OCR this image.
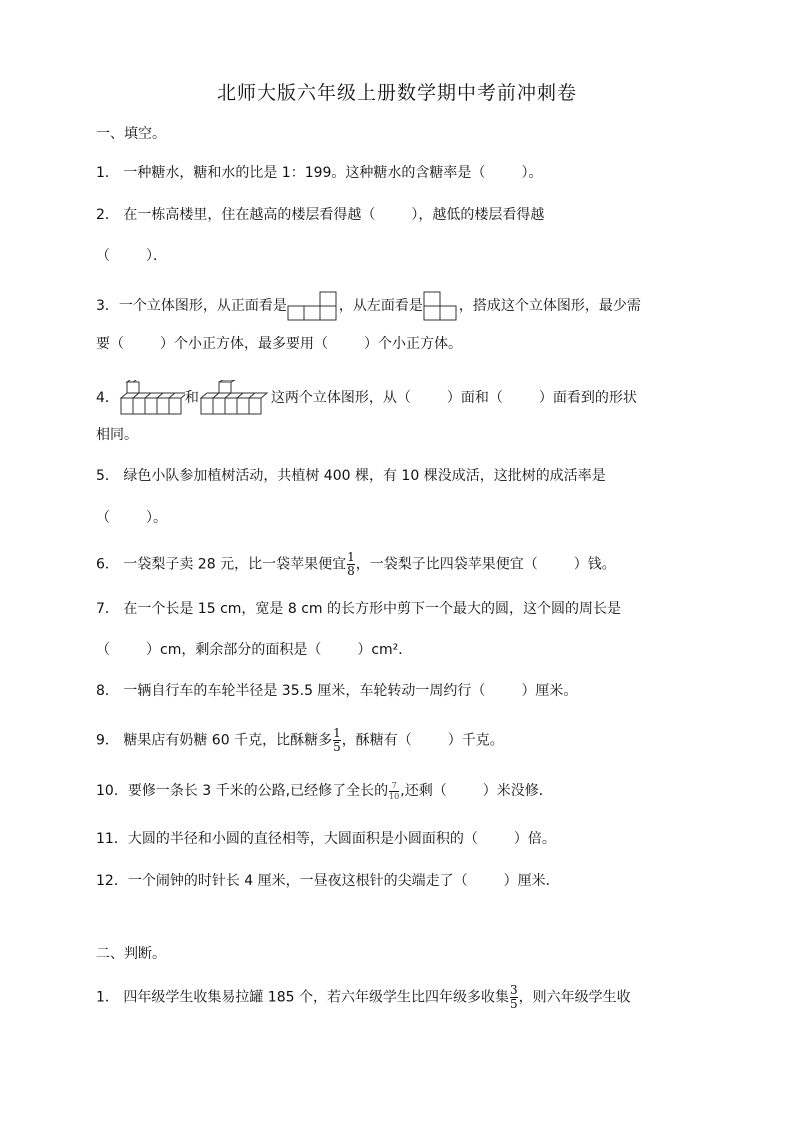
北师大版六年级上册数学期中考前冲刺卷
一、填空。
1． 一种糖水，糖和水的比是 1：199。这种糖水的含糖率是（	）。
2． 在一栋高楼里，住在越高的楼层看得越（	），越低的楼层看得越
（	）．
3．一个立体图形，从正面看是	，从左面看是	，搭成这个立体图形，最少需
要（	）个小正方体，最多要用（	）个小正方体。
4．	和	这两个立体图形，从（	）面和（	）面看到的形状
相同。
5． 绿色小队参加植树活动，共植树 400 棵，有 10 棵没成活，这批树的成活率是
（	）。
6． 一袋梨子卖 28 元，比一袋苹果便宜 $\frac{1}{8}$ ，一袋梨子比四袋苹果便宜（	）钱。
7． 在一个长是 15 cm，宽是 8 cm 的长方形中剪下一个最大的圆，这个圆的周长是
（	）cm，剩余部分的面积是（	）cm²．
8． 一辆自行车的车轮半径是 35.5 厘米，车轮转动一周约行（	）厘米。
9． 糖果店有奶糖 60 千克，比酥糖多 $\frac{1}{5}$ ，酥糖有（	）千克。
10．要修一条长 3 千米的公路,已经修了全长的 $\frac{7}{10}$ ,还剩（	）米没修．
11．大圆的半径和小圆的直径相等，大圆面积是小圆面积的（	）倍。
12．一个闹钟的时针长 4 厘米，一昼夜这根针的尖端走了（	）厘米．
二、判断。
1． 四年级学生收集易拉罐 185 个，若六年级学生比四年级多收集 $\frac{3}{5}$ ，则六年级学生收
